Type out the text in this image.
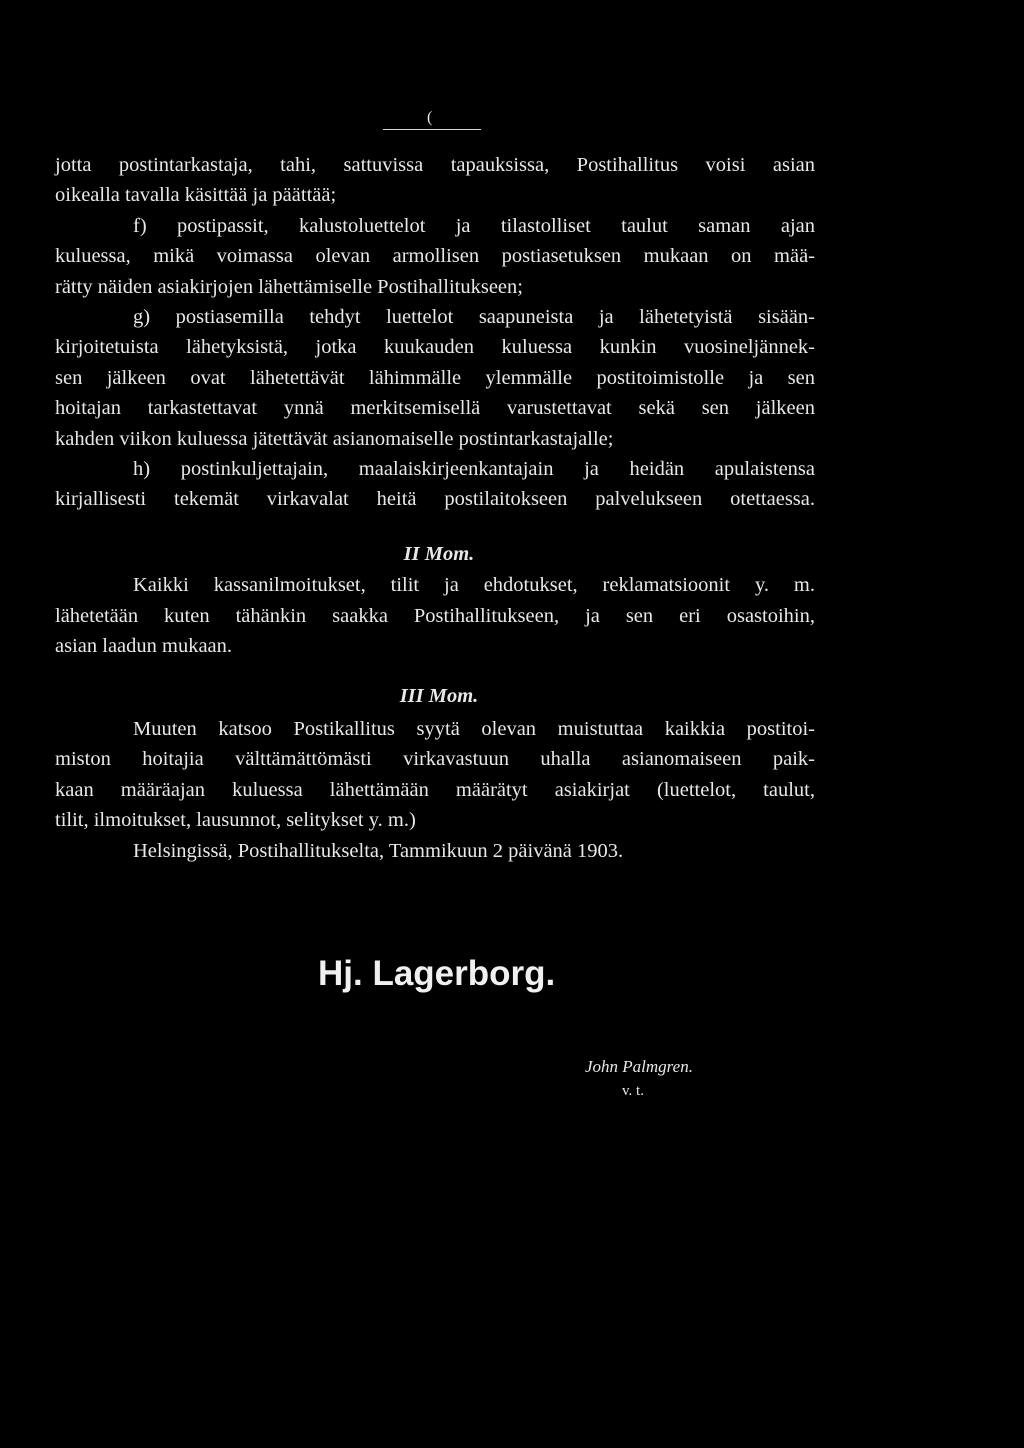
(
jotta postintarkastaja, tahi, sattuvissa tapauksissa, Postihallitus voisi asian
oikealla tavalla käsittää ja päättää;
f) postipassit, kalustoluettelot ja tilastolliset taulut saman ajan
kuluessa, mikä voimassa olevan armollisen postiasetuksen mukaan on mää-
rätty näiden asiakirjojen lähettämiselle Postihallitukseen;
g) postiasemilla tehdyt luettelot saapuneista ja lähetetyistä sisään-
kirjoitetuista lähetyksistä, jotka kuukauden kuluessa kunkin vuosineljännek-
sen jälkeen ovat lähetettävät lähimmälle ylemmälle postitoimistolle ja sen
hoitajan tarkastettavat ynnä merkitsemisellä varustettavat sekä sen jälkeen
kahden viikon kuluessa jätettävät asianomaiselle postintarkastajalle;
h) postinkuljettajain, maalaiskirjeenkantajain ja heidän apulaistensa
kirjallisesti tekemät virkavalat heitä postilaitokseen palvelukseen otettaessa.
II Mom.
Kaikki kassanilmoitukset, tilit ja ehdotukset, reklamatsioonit y. m.
lähetetään kuten tähänkin saakka Postihallitukseen, ja sen eri osastoihin,
asian laadun mukaan.
III Mom.
Muuten katsoo Postikallitus syytä olevan muistuttaa kaikkia postitoi-
miston hoitajia välttämättömästi virkavastuun uhalla asianomaiseen paik-
kaan määräajan kuluessa lähettämään määrätyt asiakirjat (luettelot, taulut,
tilit, ilmoitukset, lausunnot, selitykset y. m.)
Helsingissä, Postihallitukselta, Tammikuun 2 päivänä 1903.
Hj. Lagerborg.
John Palmgren.
v. t.
